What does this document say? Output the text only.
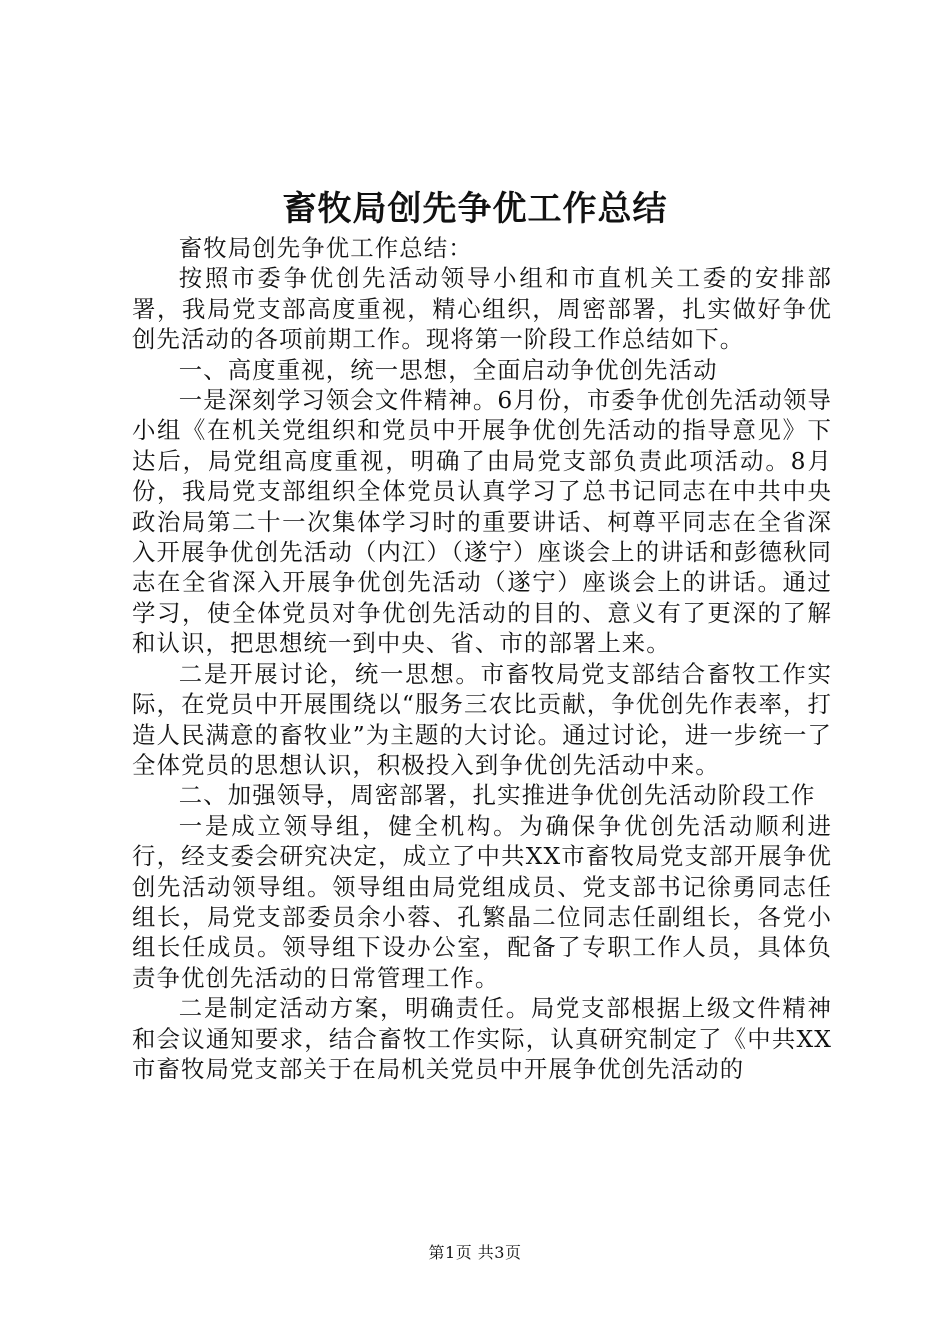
畜牧局创先争优工作总结

畜牧局创先争优工作总结：

按照市委争优创先活动领导小组和市直机关工委的安排部署，我局党支部高度重视，精心组织，周密部署，扎实做好争优创先活动的各项前期工作。现将第一阶段工作总结如下。

一、高度重视，统一思想，全面启动争优创先活动

一是深刻学习领会文件精神。6月份，市委争优创先活动领导小组《在机关党组织和党员中开展争优创先活动的指导意见》下达后，局党组高度重视，明确了由局党支部负责此项活动。8月份，我局党支部组织全体党员认真学习了总书记同志在中共中央政治局第二十一次集体学习时的重要讲话、柯尊平同志在全省深入开展争优创先活动（内江）（遂宁）座谈会上的讲话和彭德秋同志在全省深入开展争优创先活动（遂宁）座谈会上的讲话。通过学习，使全体党员对争优创先活动的目的、意义有了更深的了解和认识，把思想统一到中央、省、市的部署上来。

二是开展讨论，统一思想。市畜牧局党支部结合畜牧工作实际，在党员中开展围绕以“服务三农比贡献，争优创先作表率，打造人民满意的畜牧业”为主题的大讨论。通过讨论，进一步统一了全体党员的思想认识，积极投入到争优创先活动中来。

二、加强领导，周密部署，扎实推进争优创先活动阶段工作

一是成立领导组，健全机构。为确保争优创先活动顺利进行，经支委会研究决定，成立了中共XX市畜牧局党支部开展争优创先活动领导组。领导组由局党组成员、党支部书记徐勇同志任组长，局党支部委员余小蓉、孔繁晶二位同志任副组长，各党小组长任成员。领导组下设办公室，配备了专职工作人员，具体负责争优创先活动的日常管理工作。

二是制定活动方案，明确责任。局党支部根据上级文件精神和会议通知要求，结合畜牧工作实际，认真研究制定了《中共XX市畜牧局党支部关于在局机关党员中开展争优创先活动的

第1页 共3页
